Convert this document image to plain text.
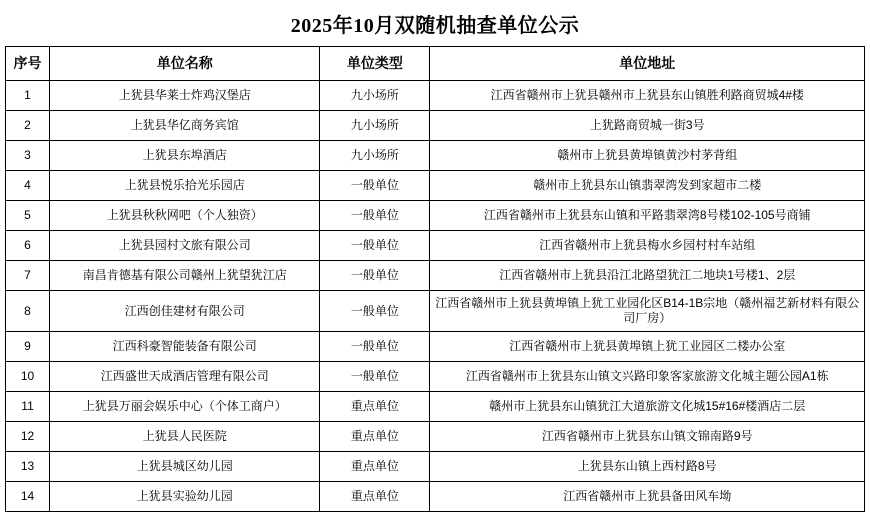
2025年10月双随机抽查单位公示
序号	单位名称	单位类型	单位地址
1	上犹县华莱士炸鸡汉堡店	九小场所	江西省赣州市上犹县赣州市上犹县东山镇胜利路商贸城4#楼
2	上犹县华亿商务宾馆	九小场所	上犹路商贸城一街3号
3	上犹县东埠酒店	九小场所	赣州市上犹县黄埠镇黄沙村茅背组
4	上犹县悦乐拾光乐园店	一般单位	赣州市上犹县东山镇翡翠湾发到家超市二楼
5	上犹县秋秋网吧（个人独资）	一般单位	江西省赣州市上犹县东山镇和平路翡翠湾8号楼102-105号商铺
6	上犹县园村文旅有限公司	一般单位	江西省赣州市上犹县梅水乡园村村车站组
7	南昌肯德基有限公司赣州上犹望犹江店	一般单位	江西省赣州市上犹县沿江北路望犹江二地块1号楼1、2层
8	江西创佳建材有限公司	一般单位	江西省赣州市上犹县黄埠镇上犹工业园化区B14-1B宗地（赣州福艺新材料有限公司厂房）
9	江西科豪智能装备有限公司	一般单位	江西省赣州市上犹县黄埠镇上犹工业园区二楼办公室
10	江西盛世天成酒店管理有限公司	一般单位	江西省赣州市上犹县东山镇文兴路印象客家旅游文化城主题公园A1栋
11	上犹县万丽会娱乐中心（个体工商户）	重点单位	赣州市上犹县东山镇犹江大道旅游文化城15#16#楼酒店二层
12	上犹县人民医院	重点单位	江西省赣州市上犹县东山镇文锦南路9号
13	上犹县城区幼儿园	重点单位	上犹县东山镇上西村路8号
14	上犹县实验幼儿园	重点单位	江西省赣州市上犹县备田风车坳
